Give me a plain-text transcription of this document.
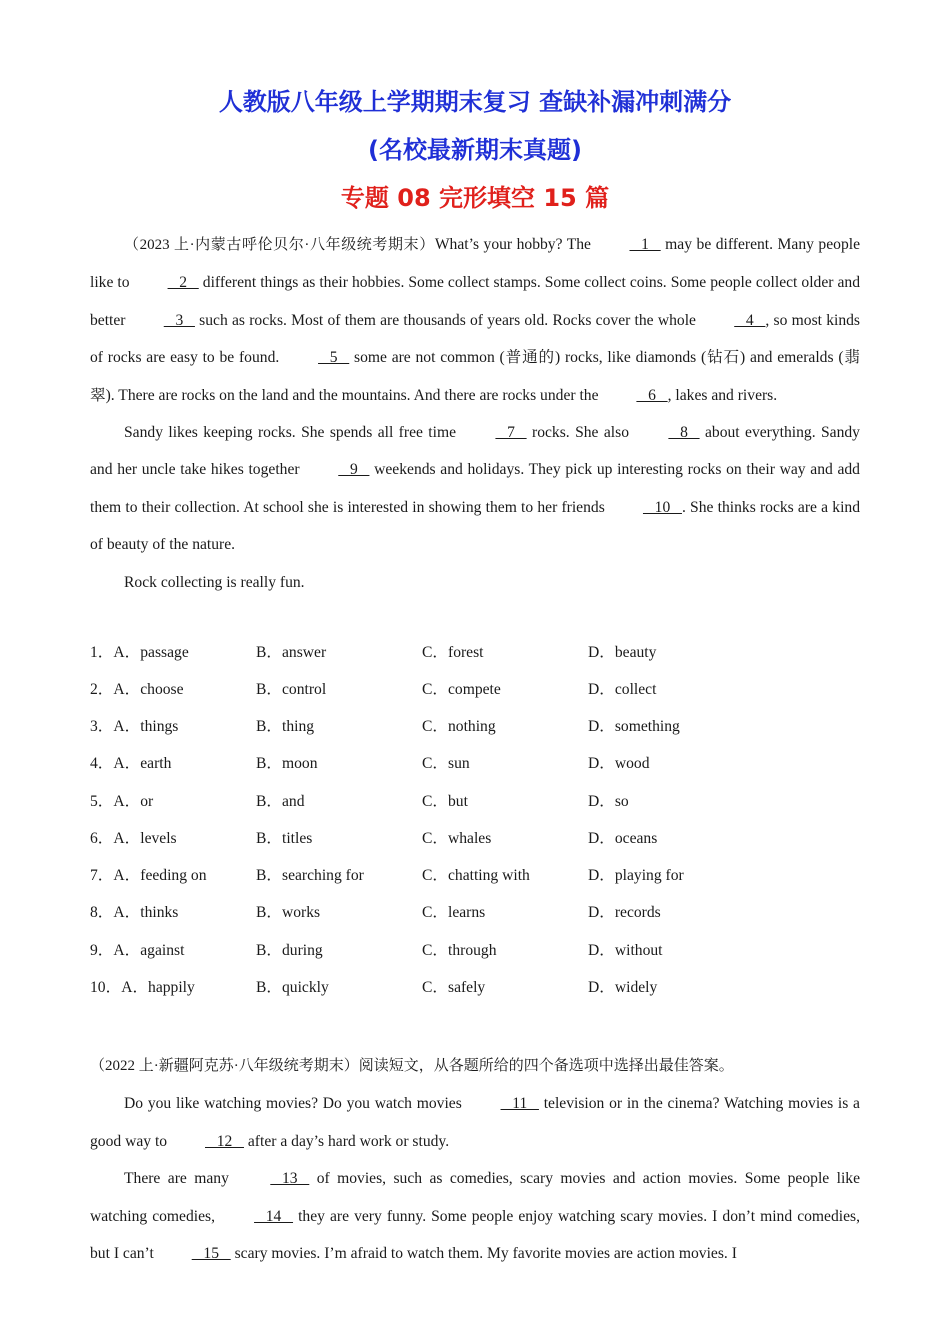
人教版八年级上学期期末复习 查缺补漏冲刺满分
(名校最新期末真题)
专题 08 完形填空 15 篇

（2023 上·内蒙古呼伦贝尔·八年级统考期末）What’s your hobby? The    1    may be different. Many people like to    2    different things as their hobbies. Some collect stamps. Some collect coins. Some people collect older and better    3    such as rocks. Most of them are thousands of years old. Rocks cover the whole    4   , so most kinds of rocks are easy to be found.    5    some are not common (普通的) rocks, like diamonds (钻石) and emeralds (翡翠). There are rocks on the land and the mountains. And there are rocks under the    6   , lakes and rivers.

Sandy likes keeping rocks. She spends all free time    7    rocks. She also    8    about everything. Sandy and her uncle take hikes together    9    weekends and holidays. They pick up interesting rocks on their way and add them to their collection. At school she is interested in showing them to her friends    10   . She thinks rocks are a kind of beauty of the nature.

Rock collecting is really fun.

1．A．passage	B．answer	C．forest	D．beauty
2．A．choose	B．control	C．compete	D．collect
3．A．things	B．thing	C．nothing	D．something
4．A．earth	B．moon	C．sun	D．wood
5．A．or	B．and	C．but	D．so
6．A．levels	B．titles	C．whales	D．oceans
7．A．feeding on	B．searching for	C．chatting with	D．playing for
8．A．thinks	B．works	C．learns	D．records
9．A．against	B．during	C．through	D．without
10．A．happily	B．quickly	C．safely	D．widely

（2022 上·新疆阿克苏·八年级统考期末）阅读短文，从各题所给的四个备选项中选择出最佳答案。

Do you like watching movies? Do you watch movies    11    television or in the cinema? Watching movies is a good way to    12    after a day’s hard work or study.

There are many    13    of movies, such as comedies, scary movies and action movies. Some people like watching comedies,    14    they are very funny. Some people enjoy watching scary movies. I don’t mind comedies, but I can’t    15    scary movies. I’m afraid to watch them. My favorite movies are action movies. I
